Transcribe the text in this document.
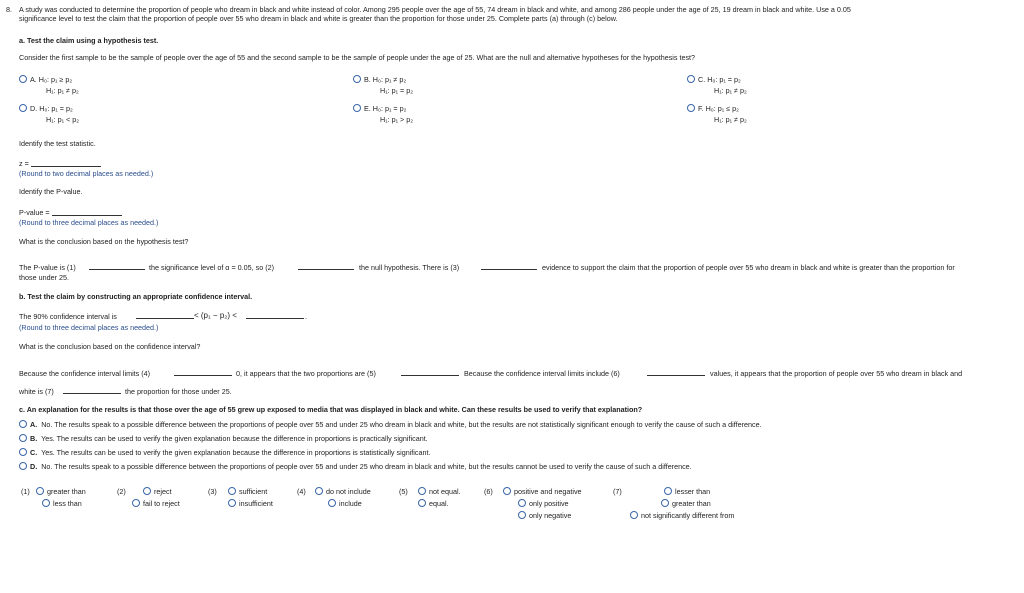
8. A study was conducted to determine the proportion of people who dream in black and white instead of color. Among 295 people over the age of 55, 74 dream in black and white, and among 286 people under the age of 25, 19 dream in black and white. Use a 0.05
significance level to test the claim that the proportion of people over 55 who dream in black and white is greater than the proportion for those under 25. Complete parts (a) through (c) below.
a. Test the claim using a hypothesis test.
Consider the first sample to be the sample of people over the age of 55 and the second sample to be the sample of people under the age of 25. What are the null and alternative hypotheses for the hypothesis test?
A. H₀: p₁ ≥ p₂
H₁: p₁ ≠ p₂
B. H₀: p₁ ≠ p₂
H₁: p₁ = p₂
C. H₀: p₁ = p₂
H₁: p₁ ≠ p₂
D. H₀: p₁ = p₂
H₁: p₁ < p₂
E. H₀: p₁ = p₂
H₁: p₁ > p₂
F. H₀: p₁ ≤ p₂
H₁: p₁ ≠ p₂
Identify the test statistic.
z =
(Round to two decimal places as needed.)
Identify the P-value.
P-value =
(Round to three decimal places as needed.)
What is the conclusion based on the hypothesis test?
The P-value is (1)	the significance level of α = 0.05, so (2)	the null hypothesis. There is (3)	evidence to support the claim that the proportion of people over 55 who dream in black and white is greater than the proportion for
those under 25.
b. Test the claim by constructing an appropriate confidence interval.
The 90% confidence interval is	< (p₁ − p₂) <	.
(Round to three decimal places as needed.)
What is the conclusion based on the confidence interval?
Because the confidence interval limits (4)	0, it appears that the two proportions are (5)	Because the confidence interval limits include (6)	values, it appears that the proportion of people over 55 who dream in black and
white is (7)	the proportion for those under 25.
c. An explanation for the results is that those over the age of 55 grew up exposed to media that was displayed in black and white. Can these results be used to verify that explanation?
A. No. The results speak to a possible difference between the proportions of people over 55 and under 25 who dream in black and white, but the results are not statistically significant enough to verify the cause of such a difference.
B. Yes. The results can be used to verify the given explanation because the difference in proportions is practically significant.
C. Yes. The results can be used to verify the given explanation because the difference in proportions is statistically significant.
D. No. The results speak to a possible difference between the proportions of people over 55 and under 25 who dream in black and white, but the results cannot be used to verify the cause of such a difference.
(1)	greater than
less than
(2)	reject
fail to reject
(3)	sufficient
insufficient
(4)	do not include
include
(5)	not equal.
equal.
(6)	positive and negative
only positive
only negative
(7)	lesser than
greater than
not significantly different from
